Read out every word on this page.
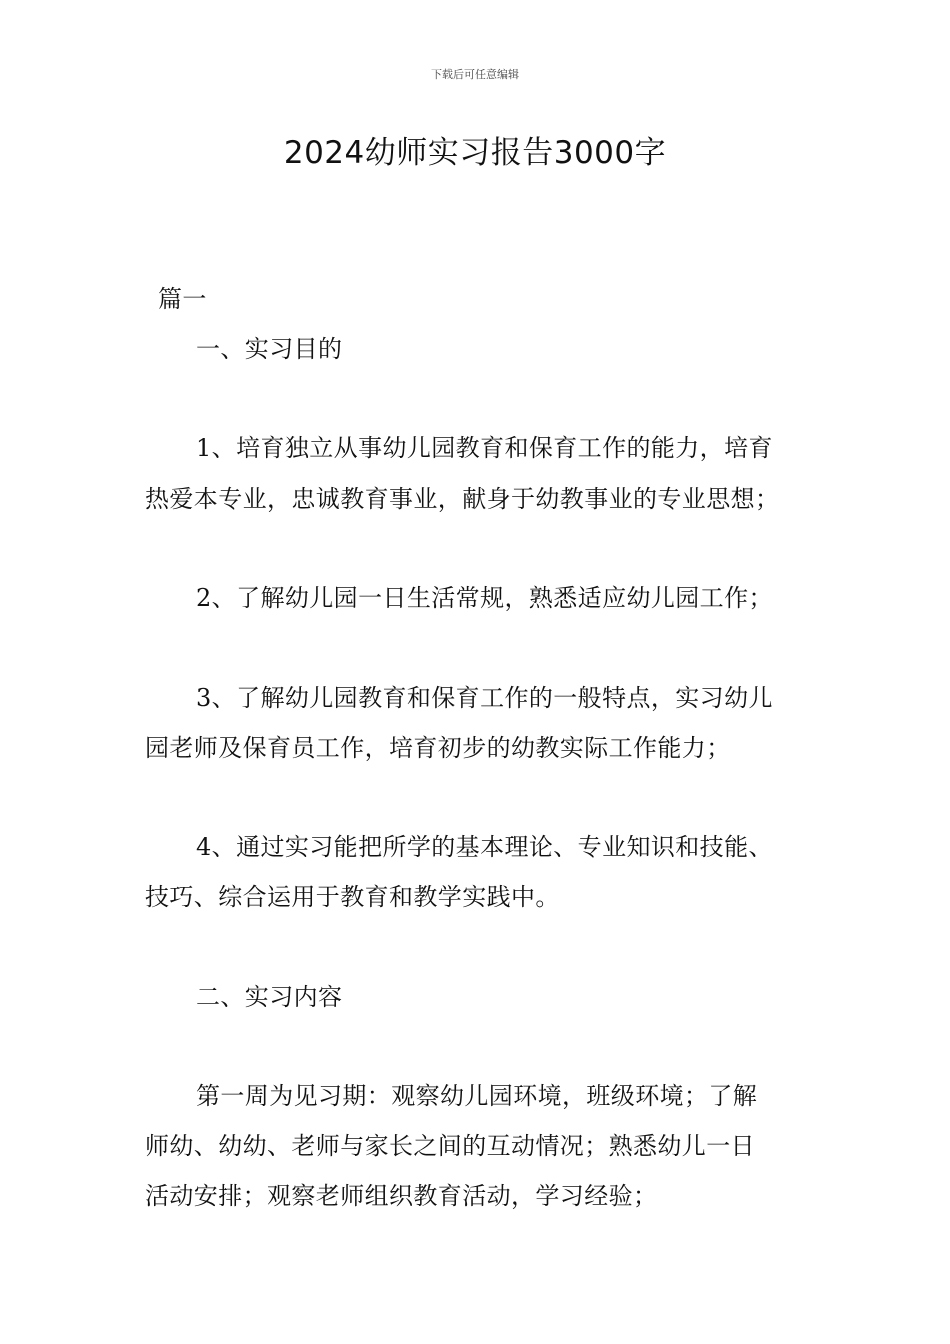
下载后可任意编辑
2024幼师实习报告3000字
篇一
一、实习目的
1、培育独立从事幼儿园教育和保育工作的能力，培育
热爱本专业，忠诚教育事业，献身于幼教事业的专业思想；
2、了解幼儿园一日生活常规，熟悉适应幼儿园工作；
3、了解幼儿园教育和保育工作的一般特点，实习幼儿
园老师及保育员工作，培育初步的幼教实际工作能力；
4、通过实习能把所学的基本理论、专业知识和技能、
技巧、综合运用于教育和教学实践中。
二、实习内容
第一周为见习期：观察幼儿园环境，班级环境；了解
师幼、幼幼、老师与家长之间的互动情况；熟悉幼儿一日
活动安排；观察老师组织教育活动，学习经验；
